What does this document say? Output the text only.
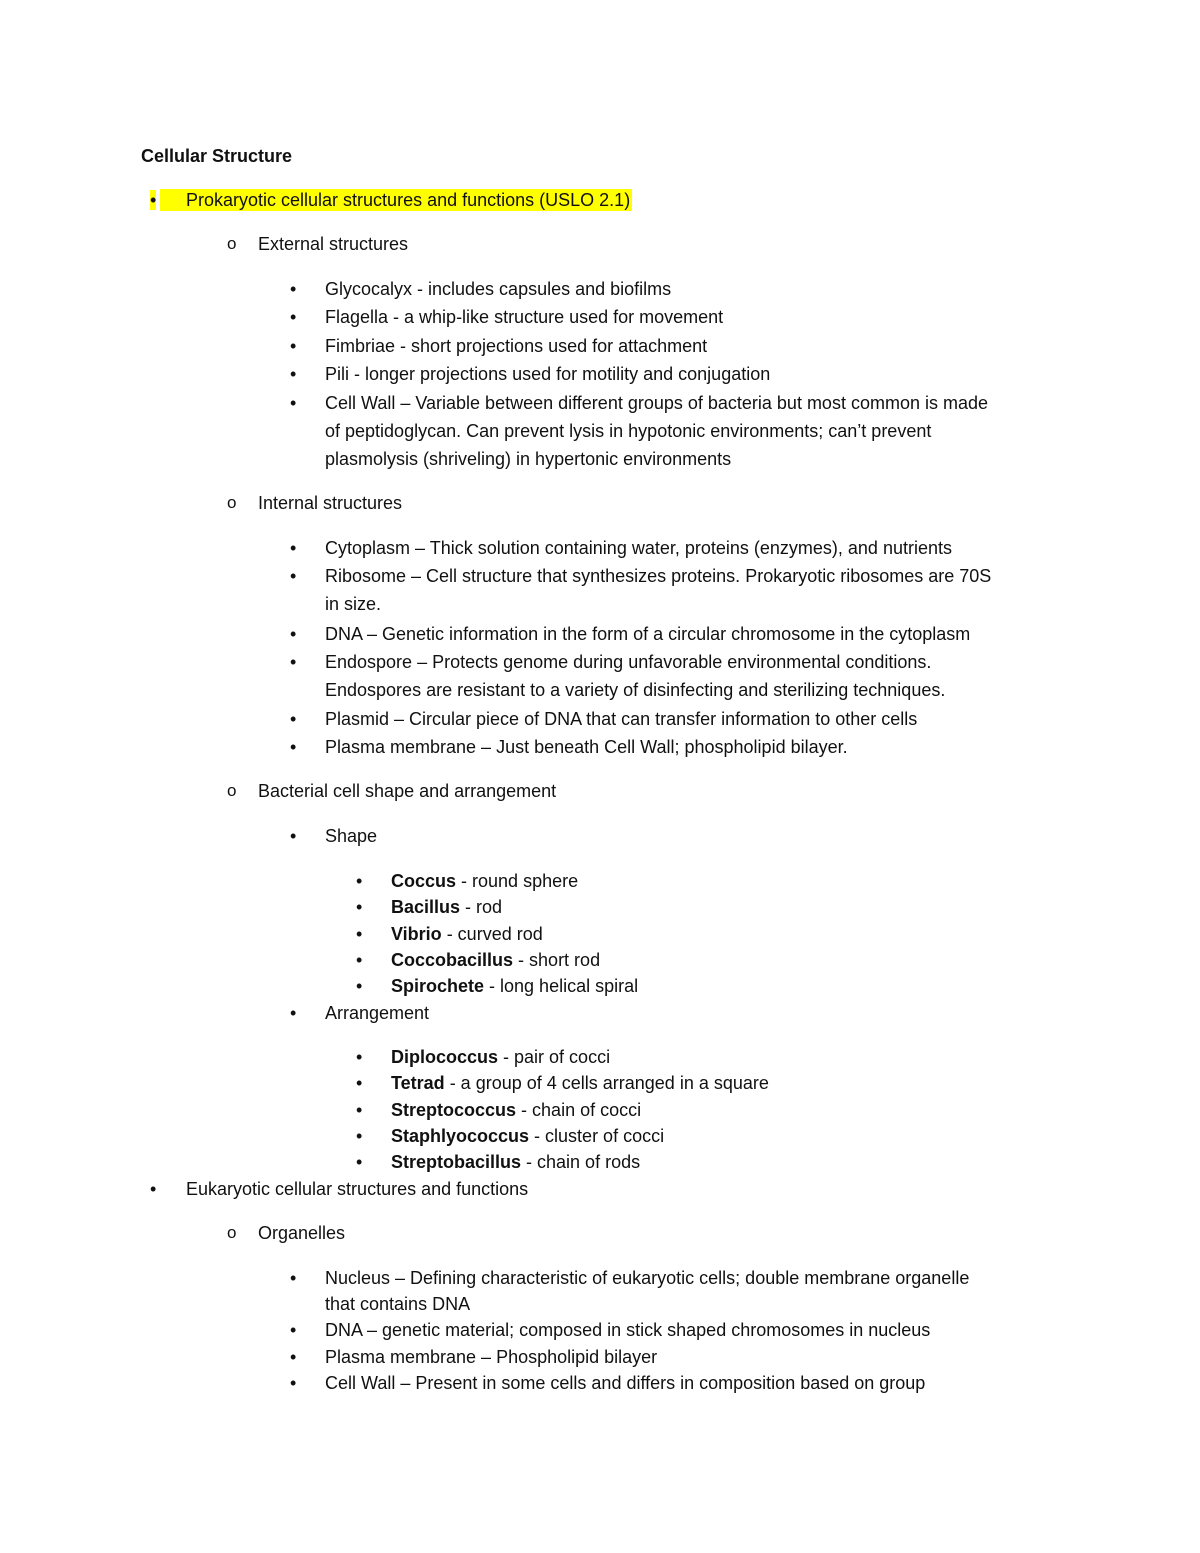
Cellular Structure
• Prokaryotic cellular structures and functions (USLO 2.1)
o External structures
• Glycocalyx - includes capsules and biofilms
• Flagella - a whip-like structure used for movement
• Fimbriae - short projections used for attachment
• Pili - longer projections used for motility and conjugation
• Cell Wall – Variable between different groups of bacteria but most common is made
of peptidoglycan. Can prevent lysis in hypotonic environments; can’t prevent
plasmolysis (shriveling) in hypertonic environments
o Internal structures
• Cytoplasm – Thick solution containing water, proteins (enzymes), and nutrients
• Ribosome – Cell structure that synthesizes proteins. Prokaryotic ribosomes are 70S
in size.
• DNA – Genetic information in the form of a circular chromosome in the cytoplasm
• Endospore – Protects genome during unfavorable environmental conditions.
Endospores are resistant to a variety of disinfecting and sterilizing techniques.
• Plasmid – Circular piece of DNA that can transfer information to other cells
• Plasma membrane – Just beneath Cell Wall; phospholipid bilayer.
o Bacterial cell shape and arrangement
• Shape
• Coccus - round sphere
• Bacillus - rod
• Vibrio - curved rod
• Coccobacillus - short rod
• Spirochete - long helical spiral
• Arrangement
• Diplococcus - pair of cocci
• Tetrad - a group of 4 cells arranged in a square
• Streptococcus - chain of cocci
• Staphlyococcus - cluster of cocci
• Streptobacillus - chain of rods
• Eukaryotic cellular structures and functions
o Organelles
• Nucleus – Defining characteristic of eukaryotic cells; double membrane organelle
that contains DNA
• DNA – genetic material; composed in stick shaped chromosomes in nucleus
• Plasma membrane – Phospholipid bilayer
• Cell Wall – Present in some cells and differs in composition based on group
